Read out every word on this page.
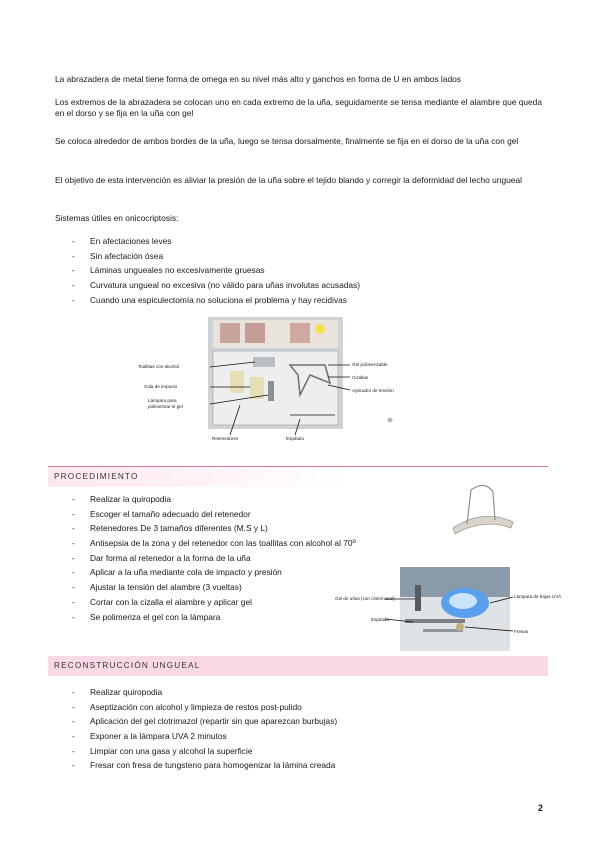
La abrazadera de metal tiene forma de omega en su nivel más alto y ganchos en forma de U en ambos lados

Los extremos de la abrazadera se colocan uno en cada extremo de la uña, seguidamente se tensa mediante el alambre que queda en el dorso y se fija en la uña con gel

Se coloca alrededor de ambos bordes de la uña, luego se tensa dorsalmente, finalmente se fija en el dorso de la uña con gel

El objetivo de esta intervención es aliviar la presión de la uña sobre el tejido blando y corregir la deformidad del lecho ungueal

Sistemas útiles en onicocriptosis:

- En afectaciones leves
- Sin afectación ósea
- Láminas ungueales no excesivamente gruesas
- Curvatura ungueal no excesiva (no válido para uñas involutas acusadas)
- Cuando una espiculectomía no soluciona el problema y hay recidivas
Toallitas con alcohol
Cola de impacto
Lámpara para
polimerizar el gel
Gel polimerizable
Cizallas
Aplicador de tensión
Retenedores	Espátula
PROCEDIMIENTO
- Realizar la quiropodia
- Escoger el tamaño adecuado del retenedor
- Retenedores De 3 tamaños diferentes (M,S y L)
- Antisepsia de la zona y del retenedor con las toallitas con alcohol al 70º
- Dar forma al retenedor a la forma de la uña
- Aplicar a la uña mediante cola de impacto y presión
- Ajustar la tensión del alambre (3 vueltas)
- Cortar con la cizalla el alambre y aplicar gel
- Se polimeriza el gel con la lámpara
Gel de uñas (con clotrimazol)	Lámpara de bajas UVA
Espátula
Fresas
RECONSTRUCCIÓN UNGUEAL
- Realizar quiropodia
- Aseptización con alcohol y limpieza de restos post-pulido
- Aplicación del gel clotrimazol (repartir sin que aparezcan burbujas)
- Exponer a la lámpara UVA 2 minutos
- Limpiar con una gasa y alcohol la superficie
- Fresar con fresa de tungsteno para homogenizar la lámina creada
2
